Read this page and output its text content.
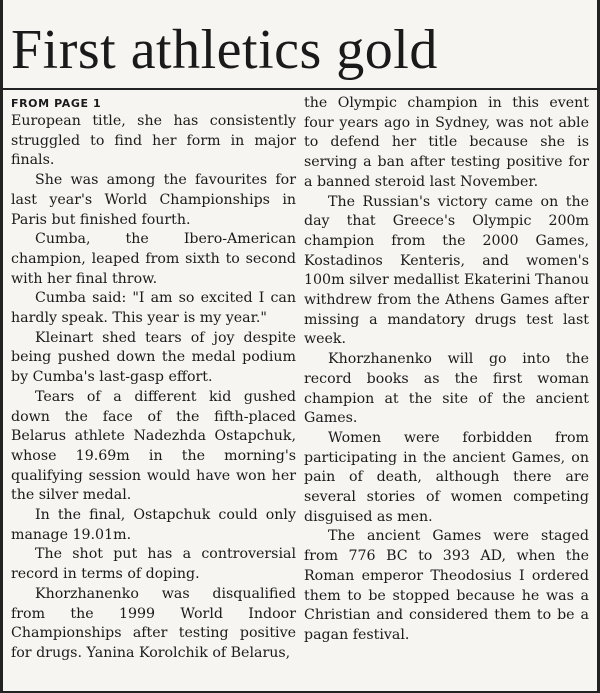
First athletics gold
FROM PAGE 1

European title, she has consistently struggled to find her form in major finals.

She was among the favourites for last year's World Championships in Paris but finished fourth.

Cumba, the Ibero-American champion, leaped from sixth to second with her final throw.

Cumba said: "I am so excited I can hardly speak. This year is my year."

Kleinart shed tears of joy despite being pushed down the medal podium by Cumba's last-gasp effort.

Tears of a different kid gushed down the face of the fifth-placed Belarus athlete Nadezhda Ostapchuk, whose 19.69m in the morning's qualifying session would have won her the silver medal.

In the final, Ostapchuk could only manage 19.01m.

The shot put has a controversial record in terms of doping.

Khorzhanenko was disqualified from the 1999 World Indoor Championships after testing positive for drugs. Yanina Korolchik of Belarus,

the Olympic champion in this event four years ago in Sydney, was not able to defend her title because she is serving a ban after testing positive for a banned steroid last November.

The Russian's victory came on the day that Greece's Olympic 200m champion from the 2000 Games, Kostadinos Kenteris, and women's 100m silver medallist Ekaterini Thanou withdrew from the Athens Games after missing a mandatory drugs test last week.

Khorzhanenko will go into the record books as the first woman champion at the site of the ancient Games.

Women were forbidden from participating in the ancient Games, on pain of death, although there are several stories of women competing disguised as men.

The ancient Games were staged from 776 BC to 393 AD, when the Roman emperor Theodosius I ordered them to be stopped because he was a Christian and considered them to be a pagan festival.
